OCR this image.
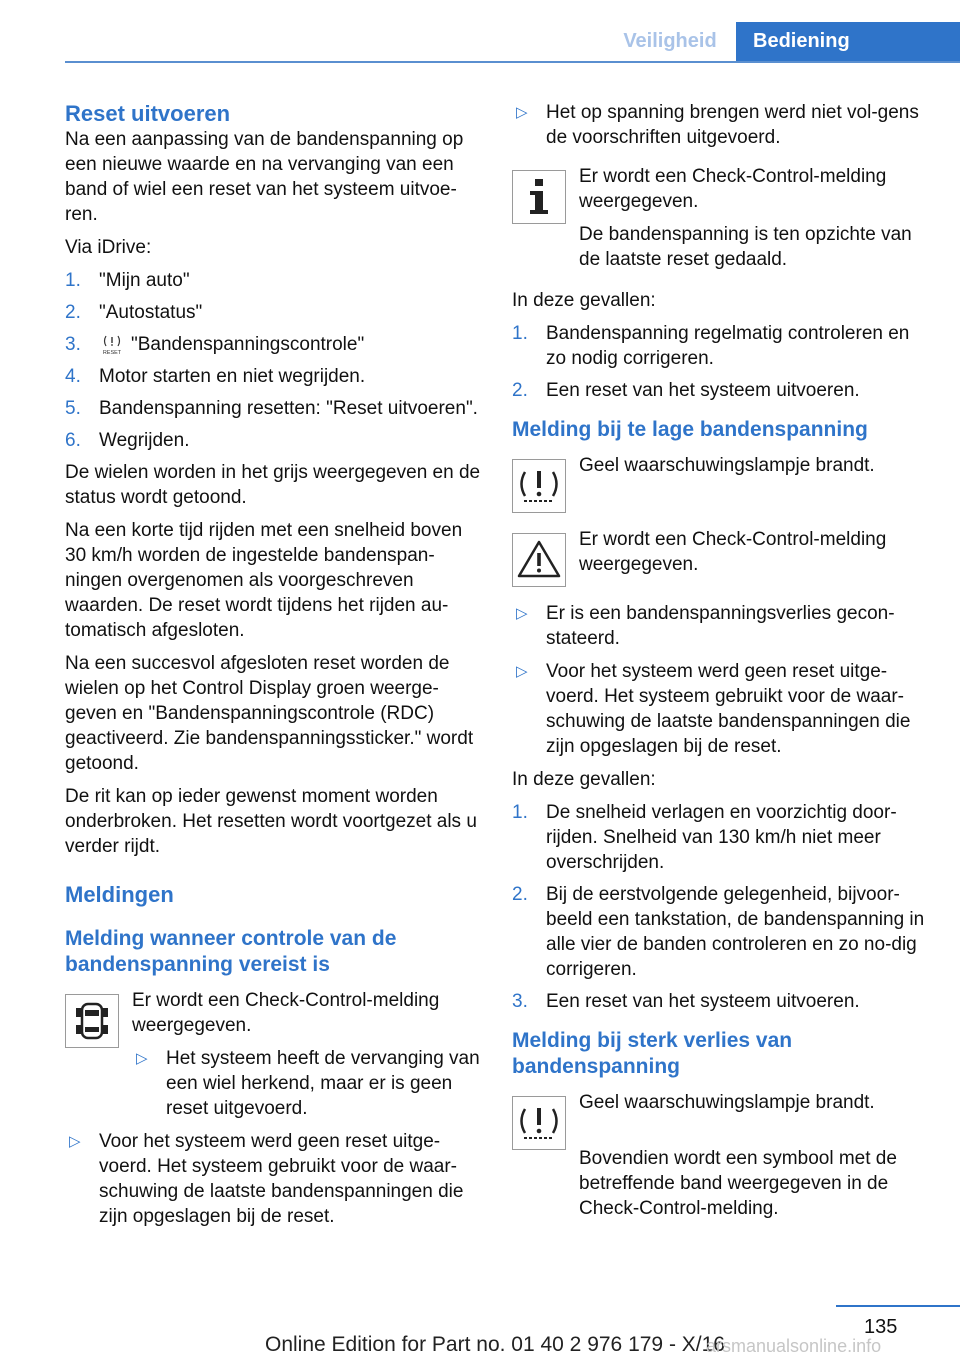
Veiligheid	Bediening
Reset uitvoeren

Na een aanpassing van de bandenspanning op een nieuwe waarde en na vervanging van een band of wiel een reset van het systeem uitvoe-ren.

Via iDrive:

1. "Mijn auto"
2. "Autostatus"
3.	RESET "Bandenspanningscontrole"
4. Motor starten en niet wegrijden.
5. Bandenspanning resetten: "Reset uitvoeren".
6. Wegrijden.

De wielen worden in het grijs weergegeven en de status wordt getoond.

Na een korte tijd rijden met een snelheid boven 30 km/h worden de ingestelde bandenspan-ningen overgenomen als voorgeschreven waarden. De reset wordt tijdens het rijden au-tomatisch afgesloten.

Na een succesvol afgesloten reset worden de wielen op het Control Display groen weerge-geven en "Bandenspanningscontrole (RDC) geactiveerd. Zie bandenspanningssticker." wordt getoond.

De rit kan op ieder gewenst moment worden onderbroken. Het resetten wordt voortgezet als u verder rijdt.

Meldingen
Melding wanneer controle van de bandenspanning vereist is

Er wordt een Check-Control-melding weergegeven.

▷ Het systeem heeft de vervanging van een wiel herkend, maar er is geen reset uitgevoerd.
▷ Voor het systeem werd geen reset uitge-voerd. Het systeem gebruikt voor de waar-schuwing de laatste bandenspanningen die zijn opgeslagen bij de reset.
▷ Het op spanning brengen werd niet vol-gens de voorschriften uitgevoerd.

Er wordt een Check-Control-melding weergegeven.

De bandenspanning is ten opzichte van de laatste reset gedaald.

In deze gevallen:

1. Bandenspanning regelmatig controleren en zo nodig corrigeren.
2. Een reset van het systeem uitvoeren.
Melding bij te lage bandenspanning

Geel waarschuwingslampje brandt.

Er wordt een Check-Control-melding weergegeven.

▷ Er is een bandenspanningsverlies gecon-stateerd.
▷ Voor het systeem werd geen reset uitge-voerd. Het systeem gebruikt voor de waar-schuwing de laatste bandenspanningen die zijn opgeslagen bij de reset.

In deze gevallen:

1. De snelheid verlagen en voorzichtig door-rijden. Snelheid van 130 km/h niet meer overschrijden.
2. Bij de eerstvolgende gelegenheid, bijvoor-beeld een tankstation, de bandenspanning in alle vier de banden controleren en zo no-dig corrigeren.
3. Een reset van het systeem uitvoeren.
Melding bij sterk verlies van bandenspanning

Geel waarschuwingslampje brandt.

Bovendien wordt een symbool met de betreffende band weergegeven in de Check-Control-melding.

135
Online Edition for Part no. 01 40 2 976 179 - X/16
arsmanualsonline.info
